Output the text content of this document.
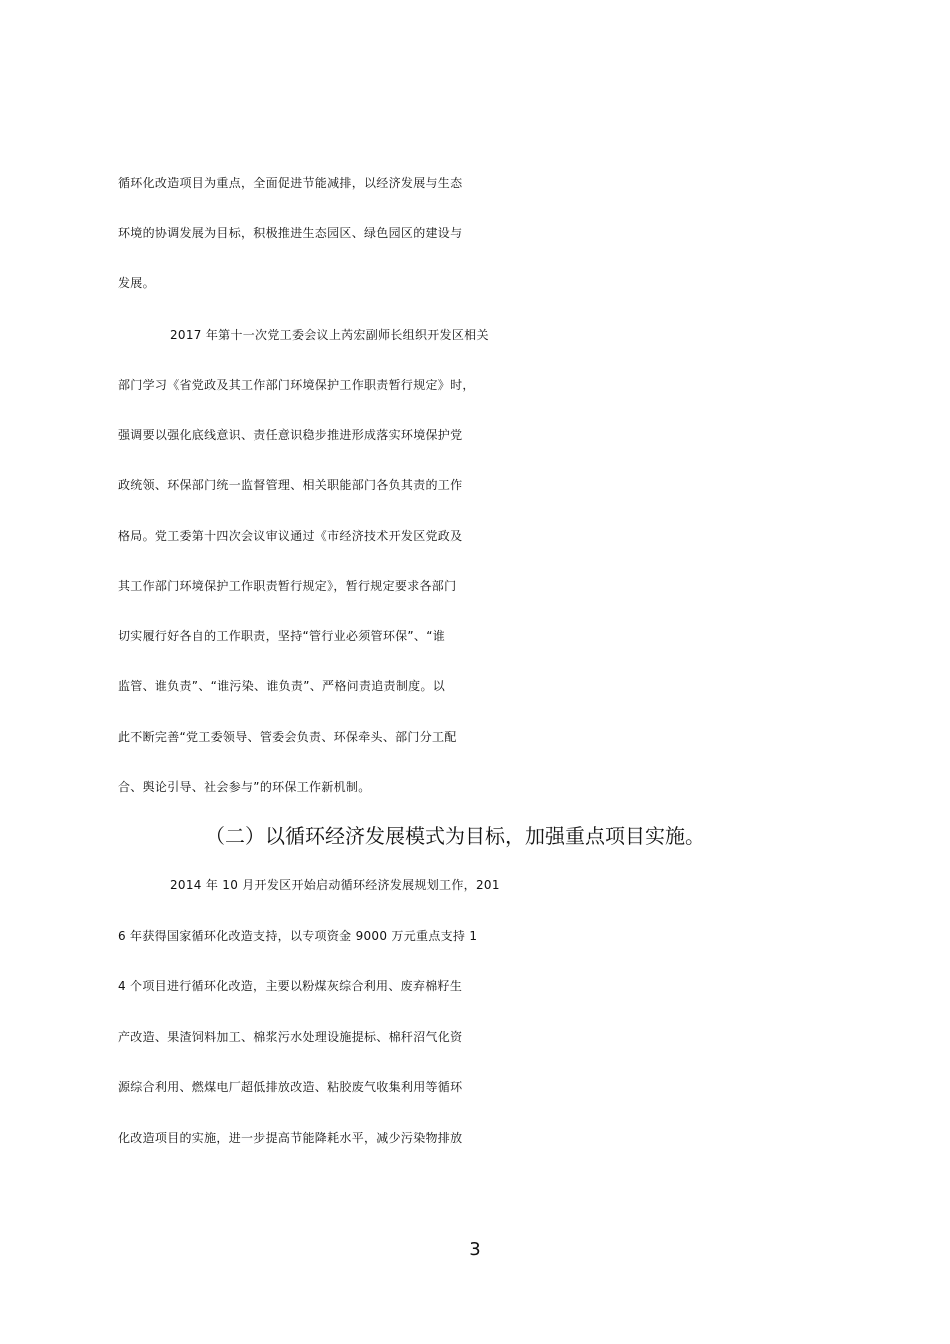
循环化改造项目为重点，全面促进节能减排，以经济发展与生态
环境的协调发展为目标，积极推进生态园区、绿色园区的建设与
发展。
2017 年第十一次党工委会议上芮宏副师长组织开发区相关
部门学习《省党政及其工作部门环境保护工作职责暂行规定》时，
强调要以强化底线意识、责任意识稳步推进形成落实环境保护党
政统领、环保部门统一监督管理、相关职能部门各负其责的工作
格局。党工委第十四次会议审议通过《市经济技术开发区党政及
其工作部门环境保护工作职责暂行规定》，暂行规定要求各部门
切实履行好各自的工作职责，坚持“管行业必须管环保”、“谁
监管、谁负责”、“谁污染、谁负责”、严格问责追责制度。以
此不断完善“党工委领导、管委会负责、环保牵头、部门分工配
合、舆论引导、社会参与”的环保工作新机制。
（二）以循环经济发展模式为目标，加强重点项目实施。
2014 年 10 月开发区开始启动循环经济发展规划工作，201
6 年获得国家循环化改造支持，以专项资金 9000 万元重点支持 1
4 个项目进行循环化改造，主要以粉煤灰综合利用、废弃棉籽生
产改造、果渣饲料加工、棉浆污水处理设施提标、棉秆沼气化资
源综合利用、燃煤电厂超低排放改造、粘胶废气收集利用等循环
化改造项目的实施，进一步提高节能降耗水平，减少污染物排放
3
